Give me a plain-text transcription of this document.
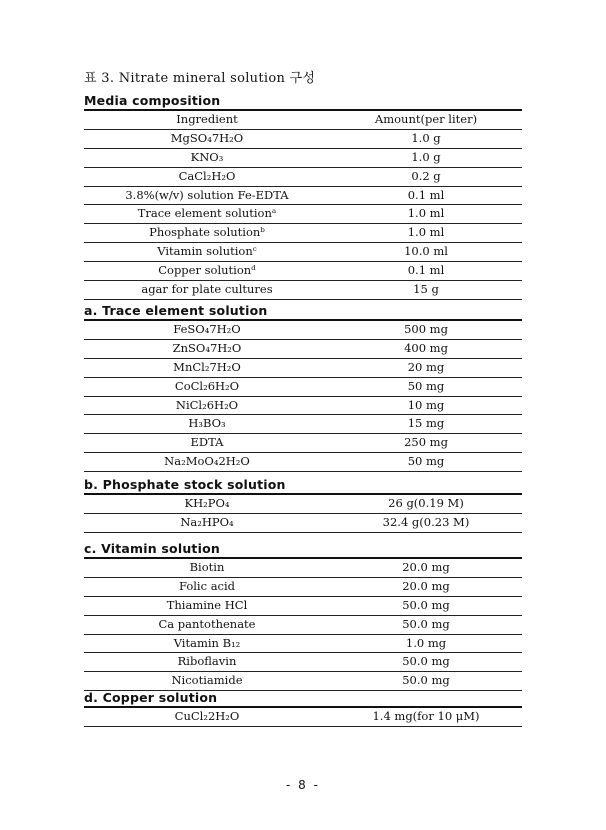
표 3. Nitrate mineral solution 구성
Media composition
Ingredient	Amount(per liter)
MgSO₄7H₂O	1.0 g
KNO₃	1.0 g
CaCl₂H₂O	0.2 g
3.8%(w/v) solution Fe-EDTA	0.1 ml
Trace element solutionᵃ	1.0 ml
Phosphate solutionᵇ	1.0 ml
Vitamin solutionᶜ	10.0 ml
Copper solutionᵈ	0.1 ml
agar for plate cultures	15 g
a. Trace element solution
FeSO₄7H₂O	500 mg
ZnSO₄7H₂O	400 mg
MnCl₂7H₂O	20 mg
CoCl₂6H₂O	50 mg
NiCl₂6H₂O	10 mg
H₃BO₃	15 mg
EDTA	250 mg
Na₂MoO₄2H₂O	50 mg
b. Phosphate stock solution
KH₂PO₄	26 g(0.19 M)
Na₂HPO₄	32.4 g(0.23 M)
c. Vitamin solution
Biotin	20.0 mg
Folic acid	20.0 mg
Thiamine HCl	50.0 mg
Ca pantothenate	50.0 mg
Vitamin B₁₂	1.0 mg
Riboflavin	50.0 mg
Nicotiamide	50.0 mg
d. Copper solution
CuCl₂2H₂O	1.4 mg(for 10 μM)
- 8 -
